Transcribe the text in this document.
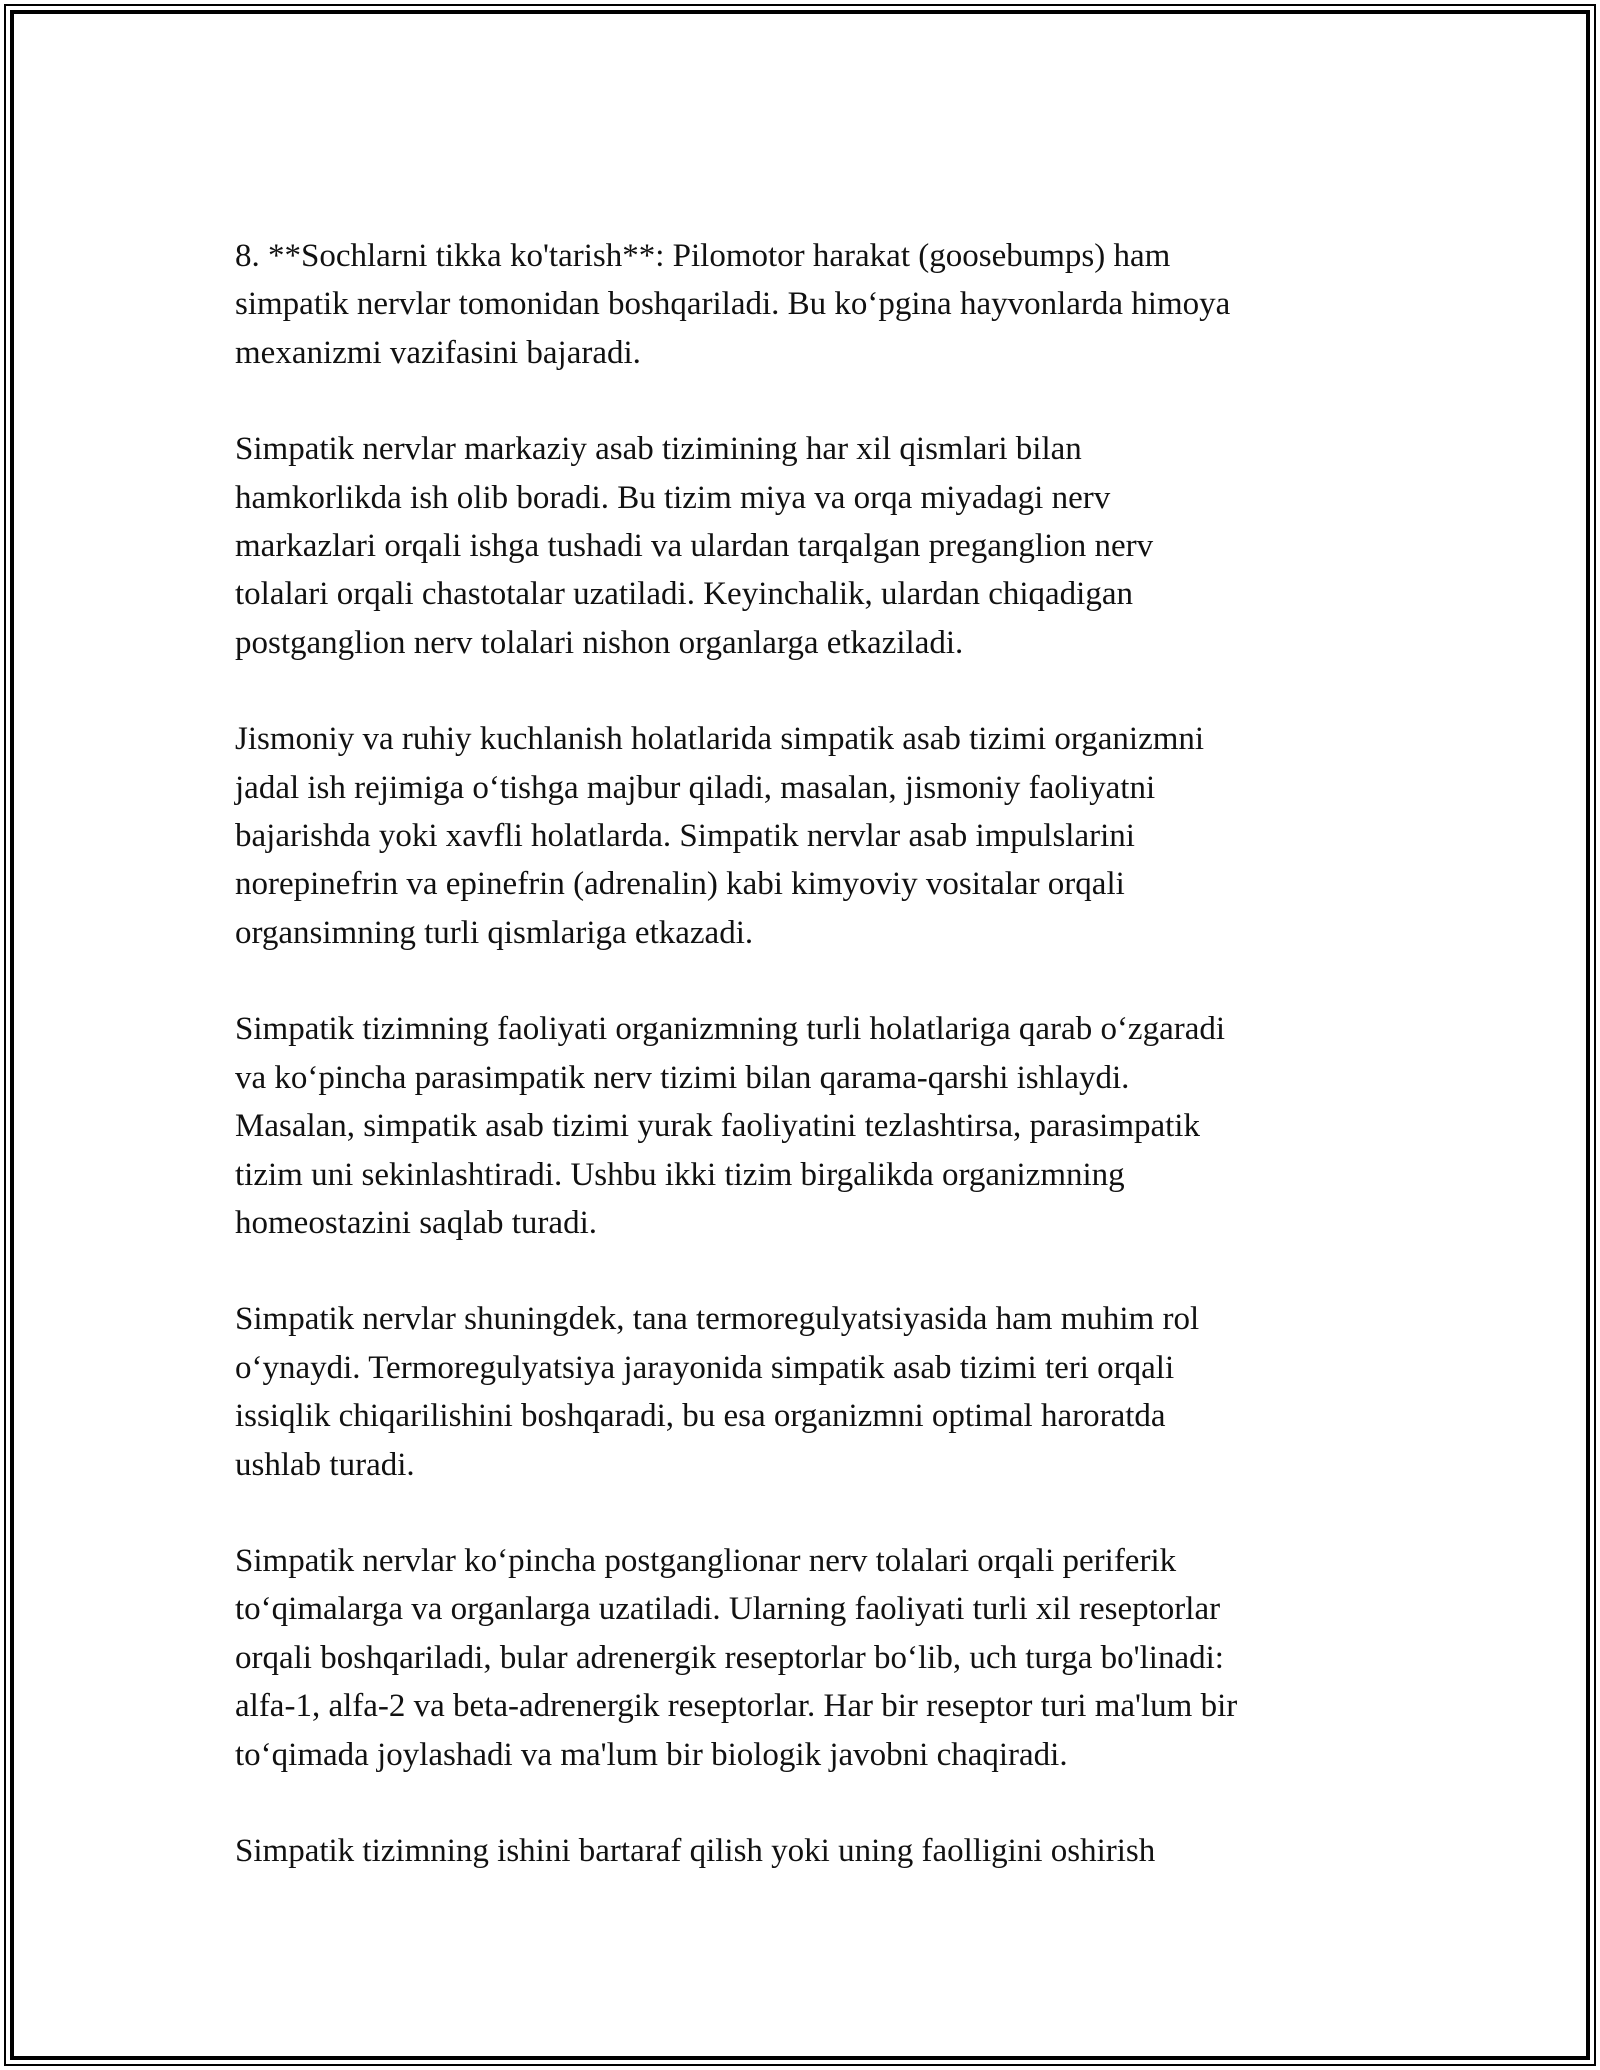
8. **Sochlarni tikka ko'tarish**: Pilomotor harakat (goosebumps) ham
simpatik nervlar tomonidan boshqariladi. Bu koʻpgina hayvonlarda himoya
mexanizmi vazifasini bajaradi.

Simpatik nervlar markaziy asab tizimining har xil qismlari bilan
hamkorlikda ish olib boradi. Bu tizim miya va orqa miyadagi nerv
markazlari orqali ishga tushadi va ulardan tarqalgan preganglion nerv
tolalari orqali chastotalar uzatiladi. Keyinchalik, ulardan chiqadigan
postganglion nerv tolalari nishon organlarga etkaziladi.

Jismoniy va ruhiy kuchlanish holatlarida simpatik asab tizimi organizmni
jadal ish rejimiga oʻtishga majbur qiladi, masalan, jismoniy faoliyatni
bajarishda yoki xavfli holatlarda. Simpatik nervlar asab impulslarini
norepinefrin va epinefrin (adrenalin) kabi kimyoviy vositalar orqali
organsimning turli qismlariga etkazadi.

Simpatik tizimning faoliyati organizmning turli holatlariga qarab oʻzgaradi
va koʻpincha parasimpatik nerv tizimi bilan qarama-qarshi ishlaydi.
Masalan, simpatik asab tizimi yurak faoliyatini tezlashtirsa, parasimpatik
tizim uni sekinlashtiradi. Ushbu ikki tizim birgalikda organizmning
homeostazini saqlab turadi.

Simpatik nervlar shuningdek, tana termoregulyatsiyasida ham muhim rol
oʻynaydi. Termoregulyatsiya jarayonida simpatik asab tizimi teri orqali
issiqlik chiqarilishini boshqaradi, bu esa organizmni optimal haroratda
ushlab turadi.

Simpatik nervlar koʻpincha postganglionar nerv tolalari orqali periferik
toʻqimalarga va organlarga uzatiladi. Ularning faoliyati turli xil reseptorlar
orqali boshqariladi, bular adrenergik reseptorlar boʻlib, uch turga bo'linadi:
alfa-1, alfa-2 va beta-adrenergik reseptorlar. Har bir reseptor turi ma'lum bir
toʻqimada joylashadi va ma'lum bir biologik javobni chaqiradi.

Simpatik tizimning ishini bartaraf qilish yoki uning faolligini oshirish
